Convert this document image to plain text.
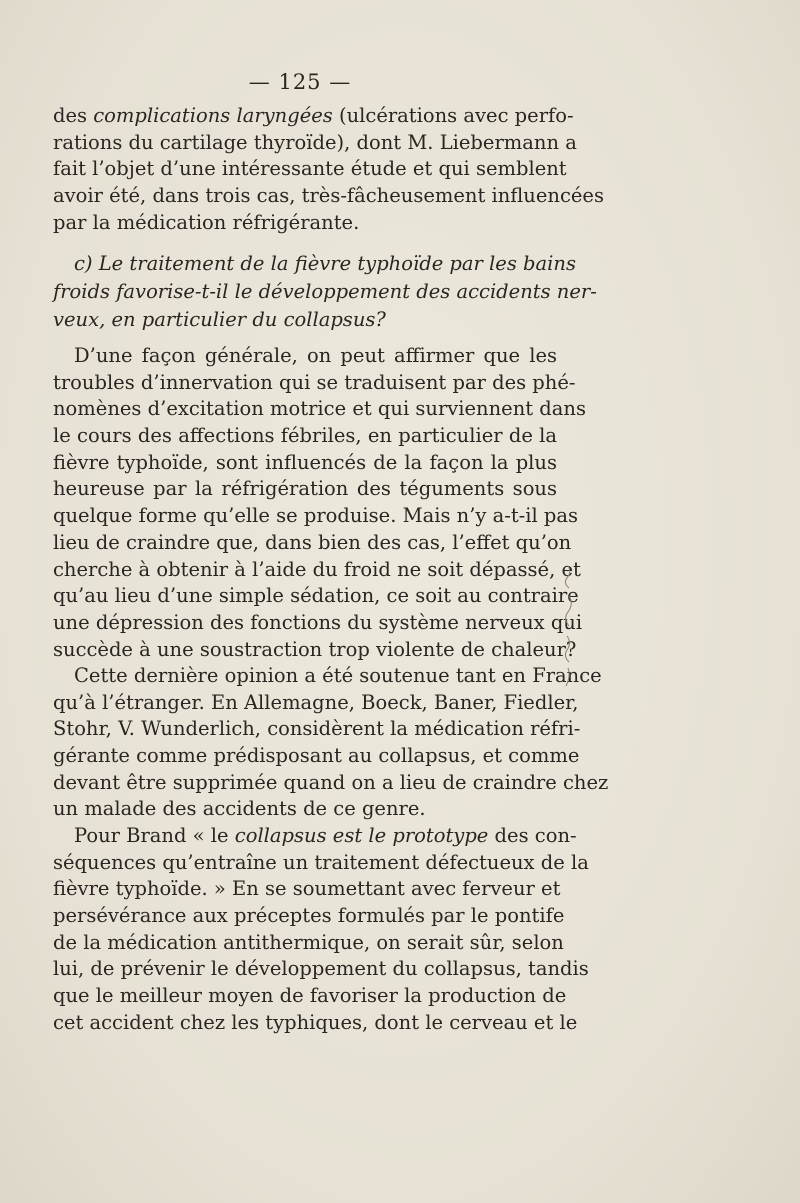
— 125 —
des complications laryngées (ulcérations avec perfo-
rations du cartilage thyroïde), dont M. Liebermann a
fait l’objet d’une intéressante étude et qui semblent
avoir été, dans trois cas, très-fâcheusement influencées
par la médication réfrigérante.
c) Le traitement de la fièvre typhoïde par les bains
froids favorise-t-il le développement des accidents ner-
veux, en particulier du collapsus?
D’une façon générale, on peut affirmer que les
troubles d’innervation qui se traduisent par des phé-
nomènes d’excitation motrice et qui surviennent dans
le cours des affections fébriles, en particulier de la
fièvre typhoïde, sont influencés de la façon la plus
heureuse par la réfrigération des téguments sous
quelque forme qu’elle se produise. Mais n’y a-t-il pas
lieu de craindre que, dans bien des cas, l’effet qu’on
cherche à obtenir à l’aide du froid ne soit dépassé, et
qu’au lieu d’une simple sédation, ce soit au contraire
une dépression des fonctions du système nerveux qui
succède à une soustraction trop violente de chaleur?
Cette dernière opinion a été soutenue tant en France
qu’à l’étranger. En Allemagne, Boeck, Baner, Fiedler,
Stohr, V. Wunderlich, considèrent la médication réfri-
gérante comme prédisposant au collapsus, et comme
devant être supprimée quand on a lieu de craindre chez
un malade des accidents de ce genre.
Pour Brand « le collapsus est le prototype des con-
séquences qu’entraîne un traitement défectueux de la
fièvre typhoïde. » En se soumettant avec ferveur et
persévérance aux préceptes formulés par le pontife
de la médication antithermique, on serait sûr, selon
lui, de prévenir le développement du collapsus, tandis
que le meilleur moyen de favoriser la production de
cet accident chez les typhiques, dont le cerveau et le
